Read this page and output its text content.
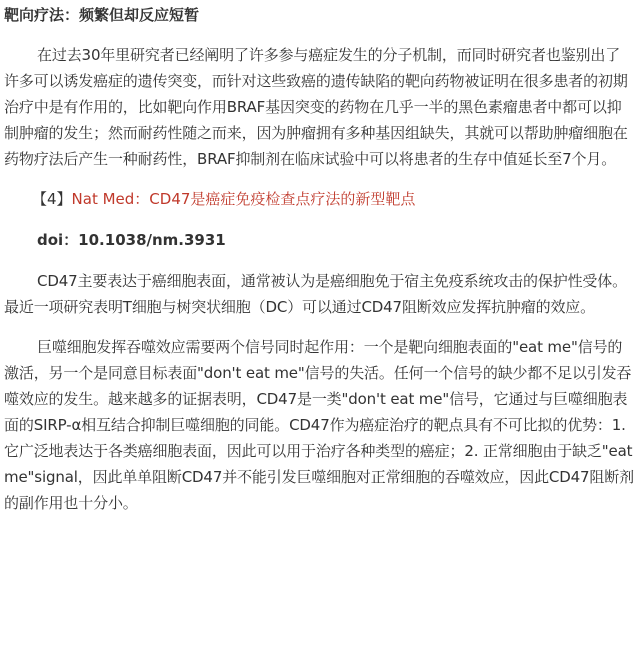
靶向疗法：频繁但却反应短暂

在过去30年里研究者已经阐明了许多参与癌症发生的分子机制，而同时研究者也鉴别出了许多可以诱发癌症的遗传突变，而针对这些致癌的遗传缺陷的靶向药物被证明在很多患者的初期治疗中是有作用的，比如靶向作用BRAF基因突变的药物在几乎一半的黑色素瘤患者中都可以抑制肿瘤的发生；然而耐药性随之而来，因为肿瘤拥有多种基因组缺失，其就可以帮助肿瘤细胞在药物疗法后产生一种耐药性，BRAF抑制剂在临床试验中可以将患者的生存中值延长至7个月。

【4】Nat Med：CD47是癌症免疫检查点疗法的新型靶点

doi：10.1038/nm.3931

CD47主要表达于癌细胞表面，通常被认为是癌细胞免于宿主免疫系统攻击的保护性受体。最近一项研究表明T细胞与树突状细胞（DC）可以通过CD47阻断效应发挥抗肿瘤的效应。

巨噬细胞发挥吞噬效应需要两个信号同时起作用：一个是靶向细胞表面的"eat me"信号的激活，另一个是同意目标表面"don't eat me"信号的失活。任何一个信号的缺少都不足以引发吞噬效应的发生。越来越多的证据表明，CD47是一类"don't eat me"信号，它通过与巨噬细胞表面的SIRP-α相互结合抑制巨噬细胞的同能。CD47作为癌症治疗的靶点具有不可比拟的优势：1.它广泛地表达于各类癌细胞表面，因此可以用于治疗各种类型的癌症；2. 正常细胞由于缺乏"eat me"signal，因此单单阻断CD47并不能引发巨噬细胞对正常细胞的吞噬效应，因此CD47阻断剂的副作用也十分小。
